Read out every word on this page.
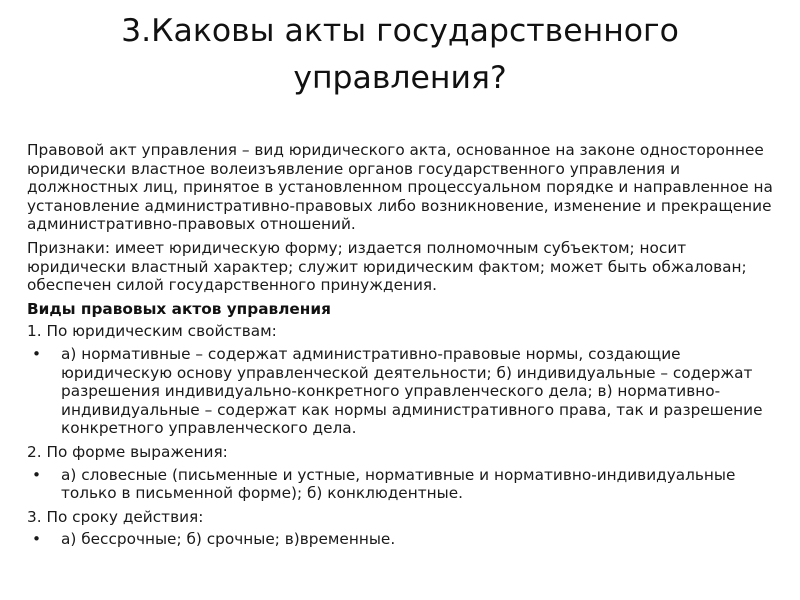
3.Каковы акты государственного управления?

Правовой акт управления – вид юридического акта, основанное на законе одностороннее юридически властное волеизъявление органов государственного управления и должностных лиц, принятое в установленном процессуальном порядке и направленное на установление административно-правовых либо возникновение, изменение и прекращение административно-правовых отношений.

Признаки: имеет юридическую форму; издается полномочным субъектом; носит юридически властный характер; служит юридическим фактом; может быть обжалован; обеспечен силой государственного принуждения.

Виды правовых актов управления

1. По юридическим свойствам:

• а) нормативные – содержат административно-правовые нормы, создающие юридическую основу управленческой деятельности; б) индивидуальные – содержат разрешения индивидуально-конкретного управленческого дела; в) нормативно-индивидуальные – содержат как нормы административного права, так и разрешение конкретного управленческого дела.

2. По форме выражения:

• а) словесные (письменные и устные, нормативные и нормативно-индивидуальные только в письменной форме); б) конклюдентные.

3. По сроку действия:

• а) бессрочные; б) срочные; в)временные.
